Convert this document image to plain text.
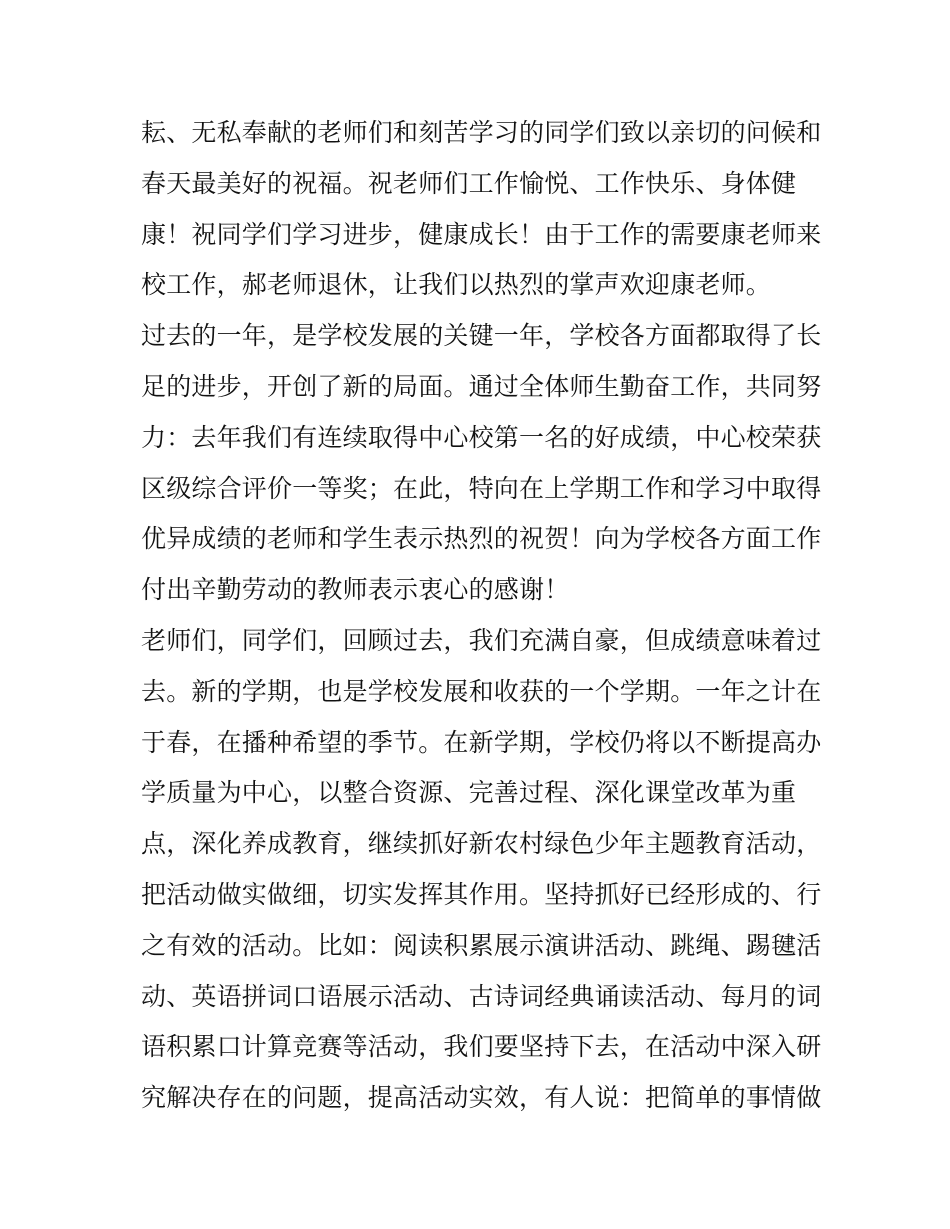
耘、无私奉献的老师们和刻苦学习的同学们致以亲切的问候和
春天最美好的祝福。祝老师们工作愉悦、工作快乐、身体健
康！祝同学们学习进步，健康成长！由于工作的需要康老师来
校工作，郝老师退休，让我们以热烈的掌声欢迎康老师。
过去的一年，是学校发展的关键一年，学校各方面都取得了长
足的进步，开创了新的局面。通过全体师生勤奋工作，共同努
力：去年我们有连续取得中心校第一名的好成绩，中心校荣获
区级综合评价一等奖；在此，特向在上学期工作和学习中取得
优异成绩的老师和学生表示热烈的祝贺！向为学校各方面工作
付出辛勤劳动的教师表示衷心的感谢！
老师们，同学们，回顾过去，我们充满自豪，但成绩意味着过
去。新的学期，也是学校发展和收获的一个学期。一年之计在
于春，在播种希望的季节。在新学期，学校仍将以不断提高办
学质量为中心，以整合资源、完善过程、深化课堂改革为重
点，深化养成教育，继续抓好新农村绿色少年主题教育活动，
把活动做实做细，切实发挥其作用。坚持抓好已经形成的、行
之有效的活动。比如：阅读积累展示演讲活动、跳绳、踢毽活
动、英语拼词口语展示活动、古诗词经典诵读活动、每月的词
语积累口计算竞赛等活动，我们要坚持下去，在活动中深入研
究解决存在的问题，提高活动实效，有人说：把简单的事情做
